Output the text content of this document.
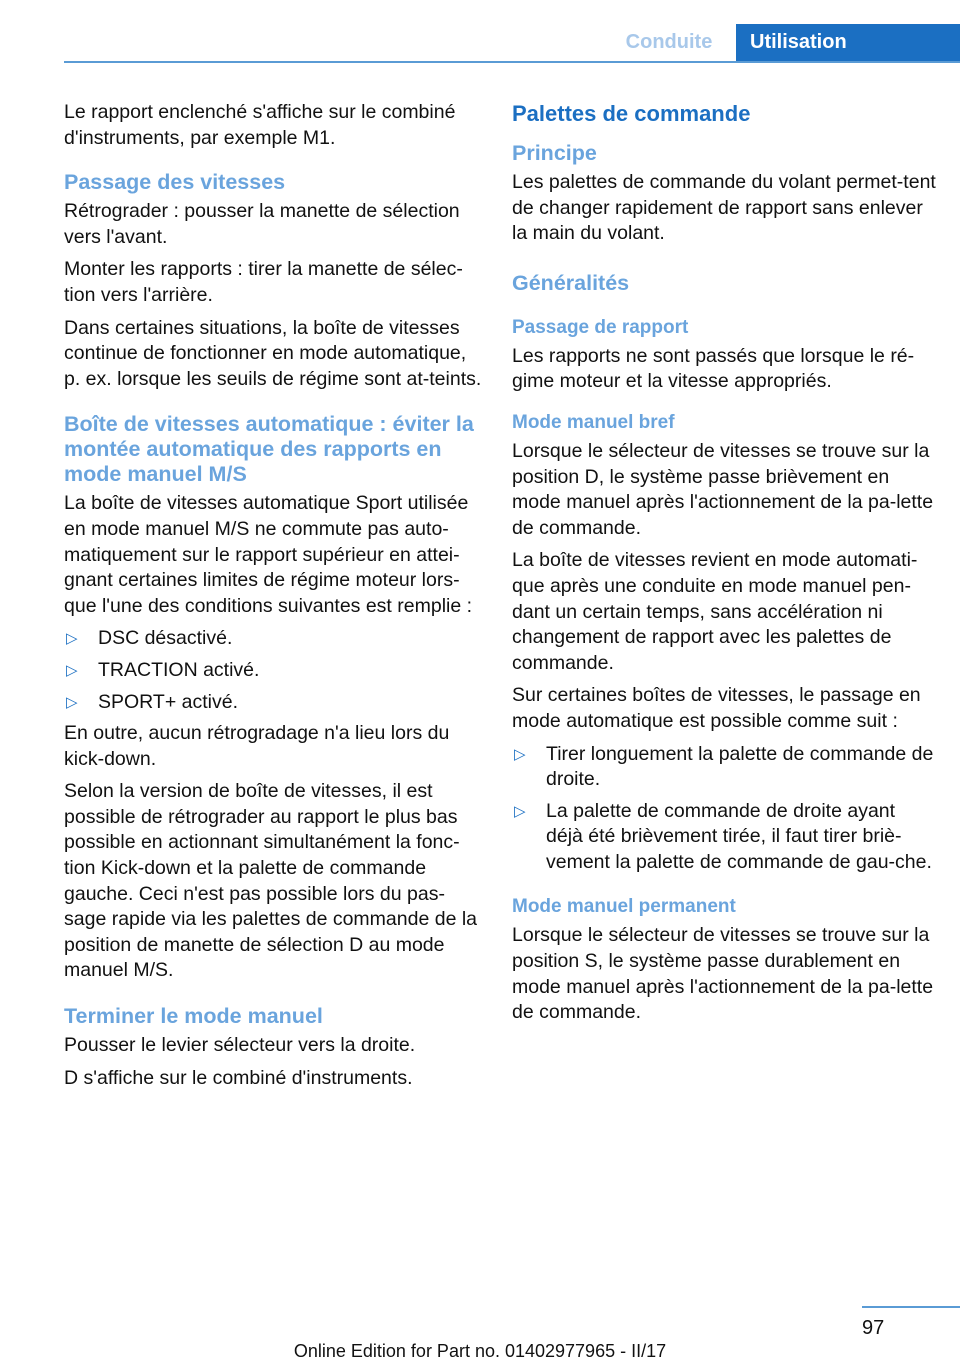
Conduite	Utilisation

Le rapport enclenché s'affiche sur le combiné d'instruments, par exemple M1.

Passage des vitesses

Rétrograder : pousser la manette de sélection vers l'avant.

Monter les rapports : tirer la manette de sélec‐tion vers l'arrière.

Dans certaines situations, la boîte de vitesses continue de fonctionner en mode automatique, p. ex. lorsque les seuils de régime sont at‐teints.

Boîte de vitesses automatique : éviter la montée automatique des rapports en mode manuel M/S

La boîte de vitesses automatique Sport utilisée en mode manuel M/S ne commute pas auto‐matiquement sur le rapport supérieur en attei‐gnant certaines limites de régime moteur lors‐que l'une des conditions suivantes est remplie :

▷ DSC désactivé.
▷ TRACTION activé.
▷ SPORT+ activé.

En outre, aucun rétrogradage n'a lieu lors du kick-down.

Selon la version de boîte de vitesses, il est possible de rétrograder au rapport le plus bas possible en actionnant simultanément la fonc‐tion Kick-down et la palette de commande gauche. Ceci n'est pas possible lors du pas‐sage rapide via les palettes de commande de la position de manette de sélection D au mode manuel M/S.

Terminer le mode manuel

Pousser le levier sélecteur vers la droite.

D s'affiche sur le combiné d'instruments.

Palettes de commande
Principe

Les palettes de commande du volant permet‐tent de changer rapidement de rapport sans enlever la main du volant.

Généralités
Passage de rapport

Les rapports ne sont passés que lorsque le ré‐gime moteur et la vitesse appropriés.

Mode manuel bref

Lorsque le sélecteur de vitesses se trouve sur la position D, le système passe brièvement en mode manuel après l'actionnement de la pa‐lette de commande.

La boîte de vitesses revient en mode automati‐que après une conduite en mode manuel pen‐dant un certain temps, sans accélération ni changement de rapport avec les palettes de commande.

Sur certaines boîtes de vitesses, le passage en mode automatique est possible comme suit :

▷ Tirer longuement la palette de commande de droite.
▷ La palette de commande de droite ayant déjà été brièvement tirée, il faut tirer briè‐vement la palette de commande de gau‐che.
Mode manuel permanent

Lorsque le sélecteur de vitesses se trouve sur la position S, le système passe durablement en mode manuel après l'actionnement de la pa‐lette de commande.

97
Online Edition for Part no. 01402977965 - II/17
